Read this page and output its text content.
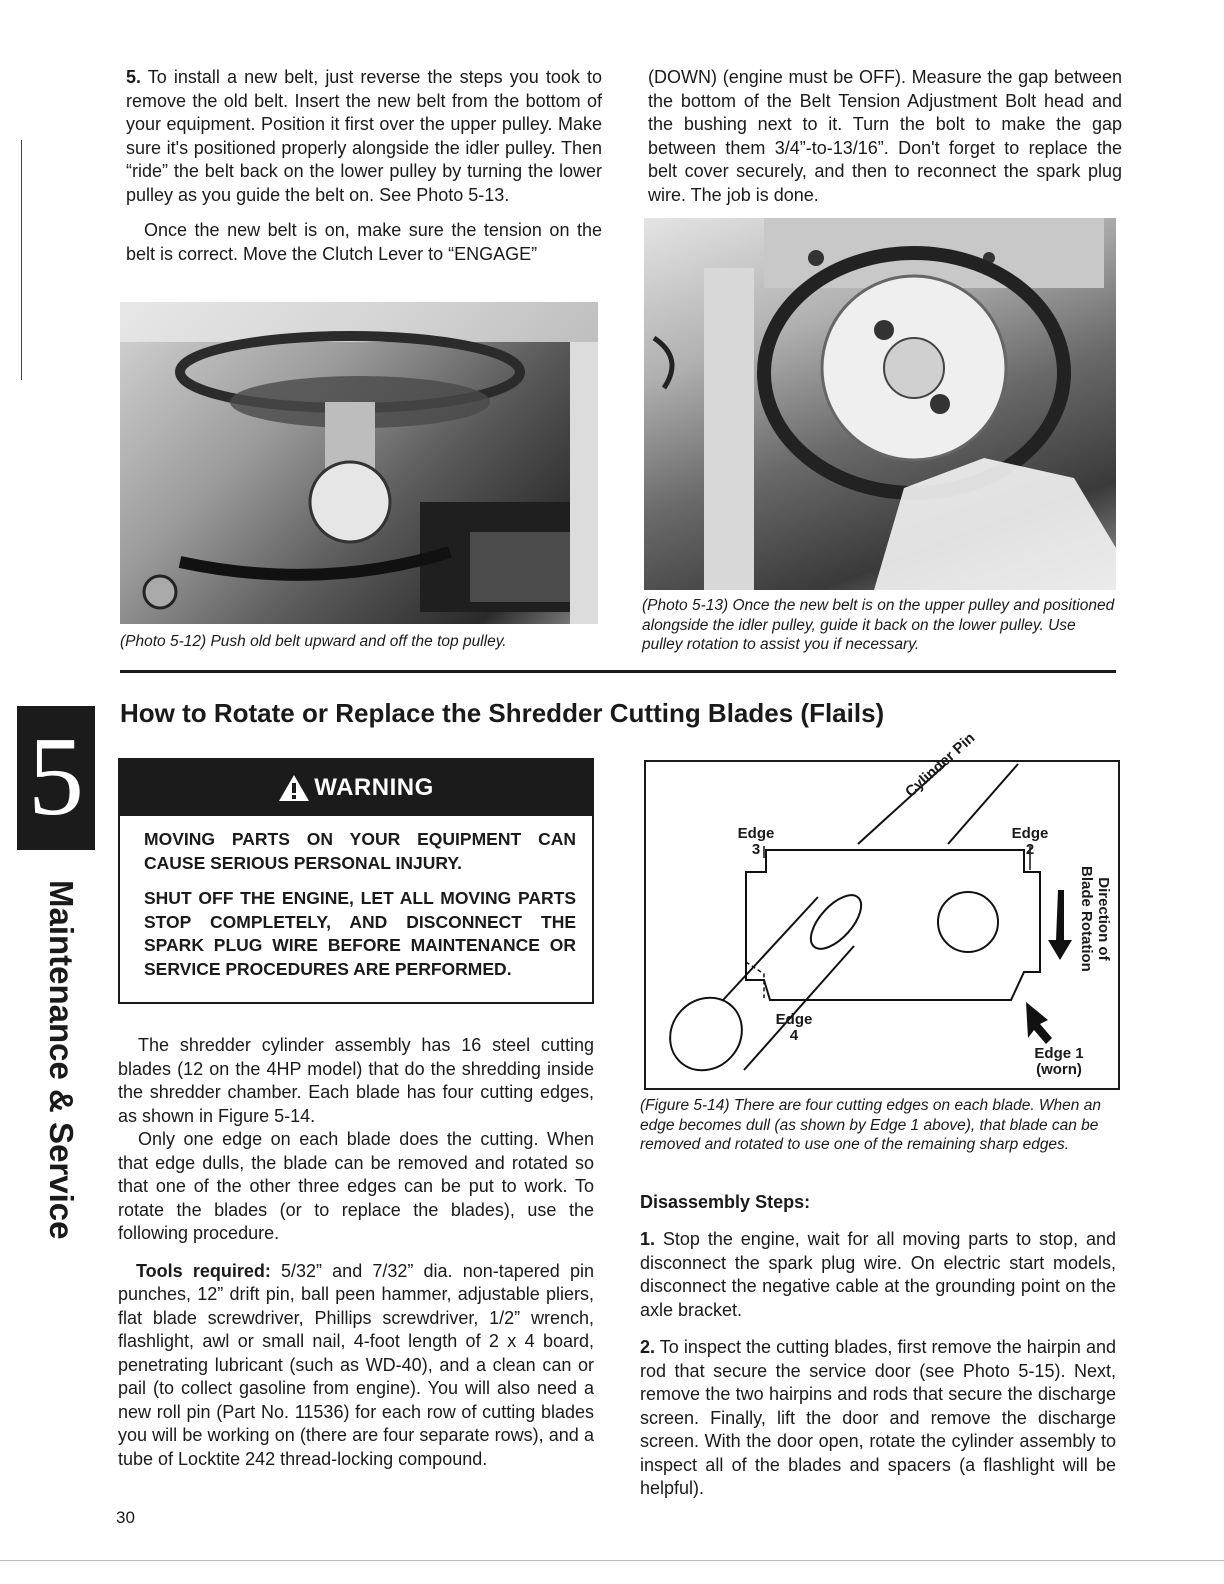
5. To install a new belt, just reverse the steps you took to remove the old belt. Insert the new belt from the bottom of your equipment. Position it first over the upper pulley. Make sure it's positioned properly alongside the idler pulley. Then “ride” the belt back on the lower pulley by turning the lower pulley as you guide the belt on. See Photo 5-13.

Once the new belt is on, make sure the tension on the belt is correct. Move the Clutch Lever to “ENGAGE”

(DOWN) (engine must be OFF). Measure the gap between the bottom of the Belt Tension Adjustment Bolt head and the bushing next to it. Turn the bolt to make the gap between them 3/4”-to-13/16”. Don't forget to replace the belt cover securely, and then to reconnect the spark plug wire. The job is done.

(Photo 5-12) Push old belt upward and off the top pulley.
(Photo 5-13) Once the new belt is on the upper pulley and positioned alongside the idler pulley, guide it back on the lower pulley. Use pulley rotation to assist you if necessary.
How to Rotate or Replace the Shredder Cutting Blades (Flails)
5
Maintenance & Service
WARNING

MOVING PARTS ON YOUR EQUIPMENT CAN CAUSE SERIOUS PERSONAL INJURY.

SHUT OFF THE ENGINE, LET ALL MOVING PARTS STOP COMPLETELY, AND DISCONNECT THE SPARK PLUG WIRE BEFORE MAINTENANCE OR SERVICE PROCEDURES ARE PERFORMED.

Cylinder Pin
Edge
3
Edge
2
Edge
4
Edge 1
(worn)
Direction of
Blade Rotation
(Figure 5-14) There are four cutting edges on each blade. When an edge becomes dull (as shown by Edge 1 above), that blade can be removed and rotated to use one of the remaining sharp edges.

The shredder cylinder assembly has 16 steel cutting blades (12 on the 4HP model) that do the shredding inside the shredder chamber. Each blade has four cutting edges, as shown in Figure 5-14.

Only one edge on each blade does the cutting. When that edge dulls, the blade can be removed and rotated so that one of the other three edges can be put to work. To rotate the blades (or to replace the blades), use the following procedure.

Tools required: 5/32” and 7/32” dia. non-tapered pin punches, 12” drift pin, ball peen hammer, adjustable pliers, flat blade screwdriver, Phillips screwdriver, 1/2” wrench, flashlight, awl or small nail, 4-foot length of 2 x 4 board, penetrating lubricant (such as WD-40), and a clean can or pail (to collect gasoline from engine). You will also need a new roll pin (Part No. 11536) for each row of cutting blades you will be working on (there are four separate rows), and a tube of Locktite 242 thread-locking compound.

Disassembly Steps:

1. Stop the engine, wait for all moving parts to stop, and disconnect the spark plug wire. On electric start models, disconnect the negative cable at the grounding point on the axle bracket.

2. To inspect the cutting blades, first remove the hairpin and rod that secure the service door (see Photo 5-15). Next, remove the two hairpins and rods that secure the discharge screen. Finally, lift the door and remove the discharge screen. With the door open, rotate the cylinder assembly to inspect all of the blades and spacers (a flashlight will be helpful).

30
